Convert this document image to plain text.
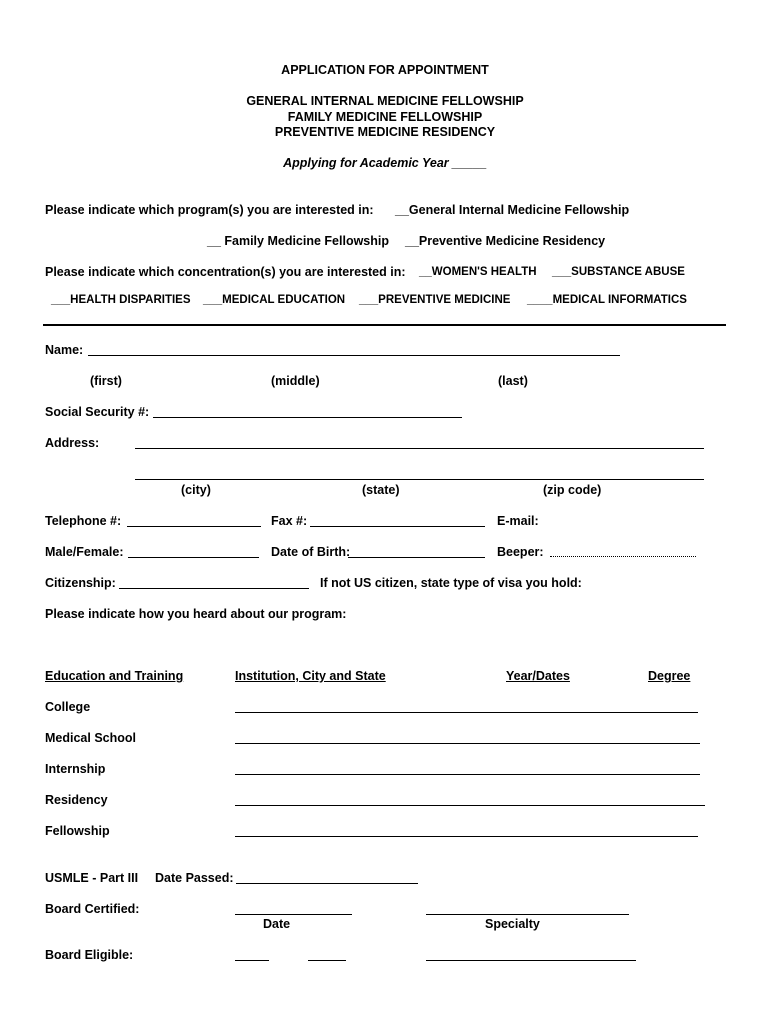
APPLICATION FOR APPOINTMENT
GENERAL INTERNAL MEDICINE FELLOWSHIP
FAMILY MEDICINE FELLOWSHIP
PREVENTIVE MEDICINE RESIDENCY
Applying for Academic Year _____
Please indicate which program(s) you are interested in: __General Internal Medicine Fellowship
__ Family Medicine Fellowship __Preventive Medicine Residency
Please indicate which concentration(s) you are interested in: __WOMEN'S HEALTH ___SUBSTANCE ABUSE
___HEALTH DISPARITIES ___MEDICAL EDUCATION ___PREVENTIVE MEDICINE ____MEDICAL INFORMATICS
Name:
(first)	(middle)	(last)
Social Security #:
Address:
(city)	(state)	(zip code)
Telephone #:	Fax #:	E-mail:
Male/Female:	Date of Birth:	Beeper:
Citizenship:	If not US citizen, state type of visa you hold:
Please indicate how you heard about our program:
Education and Training	Institution, City and State	Year/Dates	Degree
College
Medical School
Internship
Residency
Fellowship
USMLE - Part III Date Passed:
Board Certified:
Date	Specialty
Board Eligible:
